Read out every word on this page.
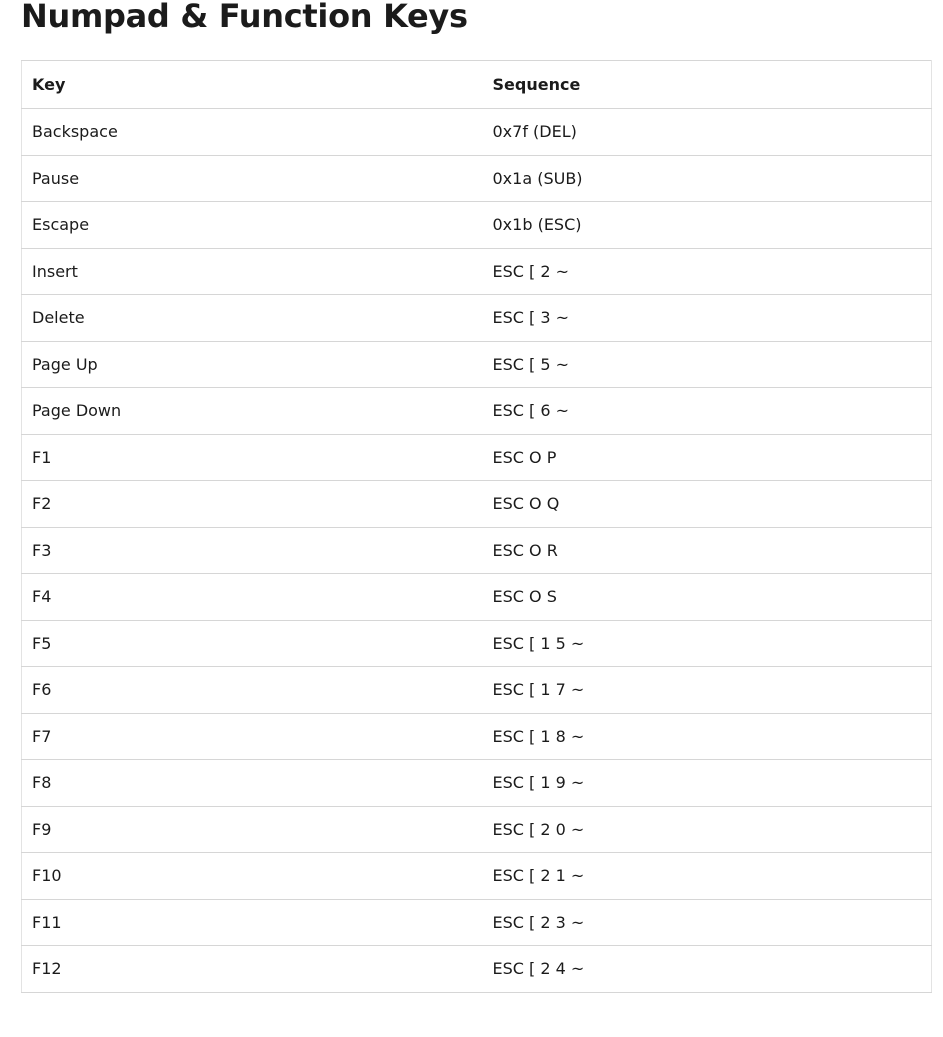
Numpad & Function Keys
Key	Sequence
Backspace	0x7f (DEL)
Pause	0x1a (SUB)
Escape	0x1b (ESC)
Insert	ESC [ 2 ~
Delete	ESC [ 3 ~
Page Up	ESC [ 5 ~
Page Down	ESC [ 6 ~
F1	ESC O P
F2	ESC O Q
F3	ESC O R
F4	ESC O S
F5	ESC [ 1 5 ~
F6	ESC [ 1 7 ~
F7	ESC [ 1 8 ~
F8	ESC [ 1 9 ~
F9	ESC [ 2 0 ~
F10	ESC [ 2 1 ~
F11	ESC [ 2 3 ~
F12	ESC [ 2 4 ~
